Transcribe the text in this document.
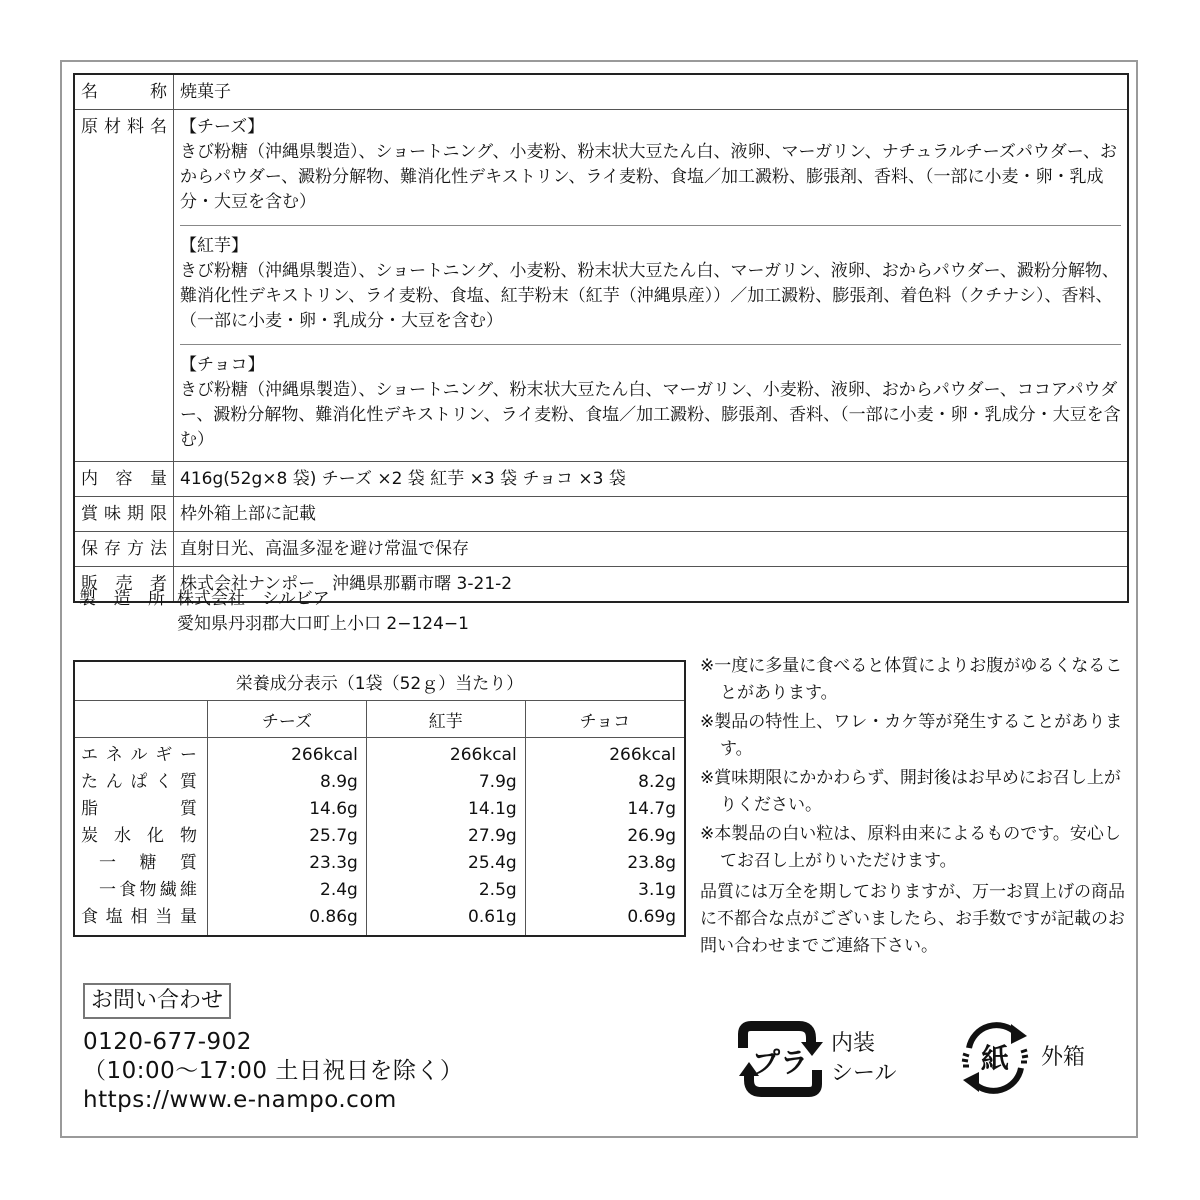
名称	焼菓子
原材料名	【チーズ】
きび粉糖（沖縄県製造）、ショートニング、小麦粉、粉末状大豆たん白、液卵、マーガリン、ナチュラルチーズパウダー、おからパウダー、澱粉分解物、難消化性デキストリン、ライ麦粉、食塩／加工澱粉、膨張剤、香料、（一部に小麦・卵・乳成分・大豆を含む）
【紅芋】
きび粉糖（沖縄県製造）、ショートニング、小麦粉、粉末状大豆たん白、マーガリン、液卵、おからパウダー、澱粉分解物、難消化性デキストリン、ライ麦粉、食塩、紅芋粉末（紅芋（沖縄県産））／加工澱粉、膨張剤、着色料（クチナシ）、香料、（一部に小麦・卵・乳成分・大豆を含む）
【チョコ】
きび粉糖（沖縄県製造）、ショートニング、粉末状大豆たん白、マーガリン、小麦粉、液卵、おからパウダー、ココアパウダー、澱粉分解物、難消化性デキストリン、ライ麦粉、食塩／加工澱粉、膨張剤、香料、（一部に小麦・卵・乳成分・大豆を含む）

内容量	416g(52g×8 袋) チーズ ×2 袋 紅芋 ×3 袋 チョコ ×3 袋
賞味期限	枠外箱上部に記載
保存方法	直射日光、高温多湿を避け常温で保存
販売者	株式会社ナンポー　沖縄県那覇市曙 3-21-2
製造所 株式会社　シルビア
愛知県丹羽郡大口町上小口 2−124−1
栄養成分表示（1袋（52ｇ）当たり）			
	チーズ	紅芋	チョコ
エネルギー	266kcal	266kcal	266kcal
たんぱく質	8.9g	7.9g	8.2g
脂質	14.6g	14.1g	14.7g
炭水化物	25.7g	27.9g	26.9g
一糖質	23.3g	25.4g	23.8g
一食物繊維	2.4g	2.5g	3.1g
食塩相当量	0.86g	0.61g	0.69g

※一度に多量に食べると体質によりお腹がゆるくなることがあります。

※製品の特性上、ワレ・カケ等が発生することがあります。

※賞味期限にかかわらず、開封後はお早めにお召し上がりください。

※本製品の白い粒は、原料由来によるものです。安心してお召し上がりいただけます。

品質には万全を期しておりますが、万一お買上げの商品に不都合な点がございましたら、お手数ですが記載のお問い合わせまでご連絡下さい。

お問い合わせ
0120-677-902
（10:00〜17:00 土日祝日を除く）
https://www.e-nampo.com
プラ
内装
シール	紙 外箱
